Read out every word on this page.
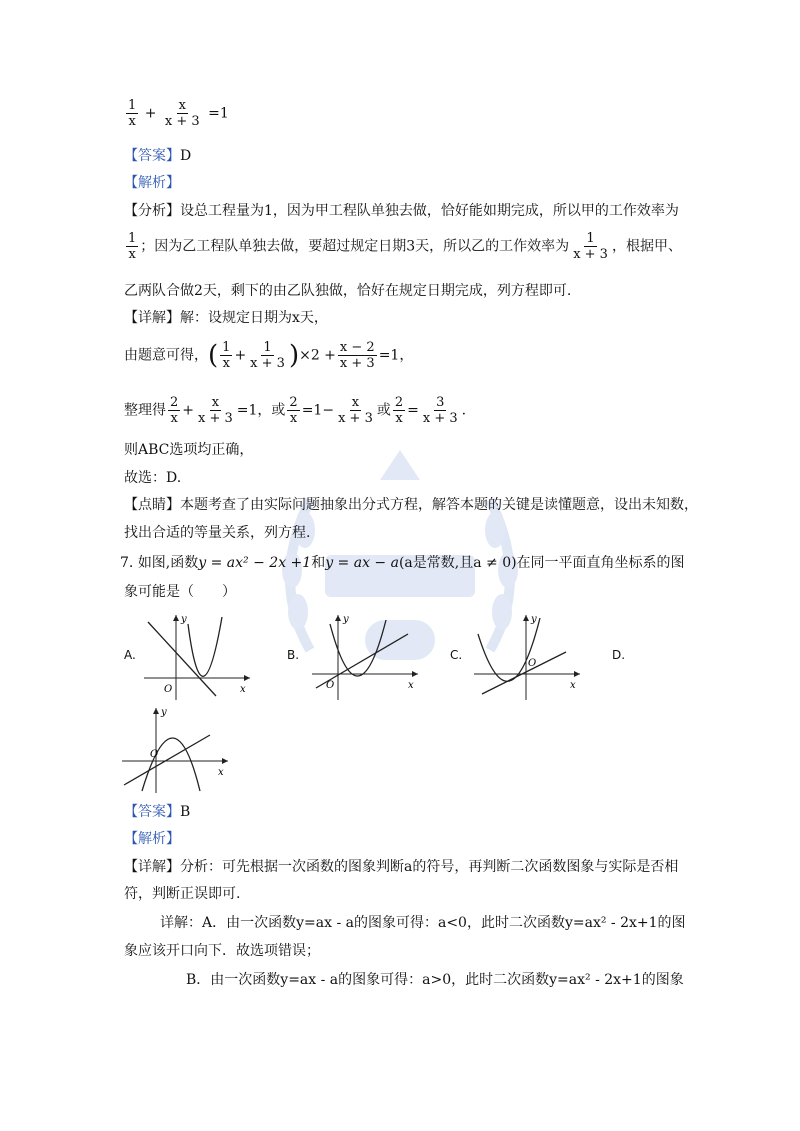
$\frac{1}{x} + \frac{x}{x + 3} =1$
【答案】D
【解析】
【分析】设总工程量为1，因为甲工程队单独去做，恰好能如期完成，所以甲的工作效率为
$\frac{1}{x}$ ；因为乙工程队单独去做，要超过规定日期3天，所以乙的工作效率为 $\frac{1}{x + 3}$ ，根据甲、
乙两队合做2天，剩下的由乙队独做，恰好在规定日期完成，列方程即可.
【详解】解：设规定日期为x天，
由题意可得，( $\frac{1}{x} + \frac{1}{x + 3} )\times 2 + \frac{x - 2}{x + 3} =1$，
整理得 $\frac{2}{x} + \frac{x}{x + 3} =1$，或 $\frac{2}{x} =1- \frac{x}{x + 3}$ 或 $\frac{2}{x} = \frac{3}{x + 3}$ .
则ABC选项均正确，
故选：D.
【点睛】本题考查了由实际问题抽象出分式方程，解答本题的关键是读懂题意，设出未知数，
找出合适的等量关系，列方程.
7. 如图,函数y = ax² − 2x +1和y = ax − a(a是常数,且a ≠ 0)在同一平面直角坐标系的图
象可能是（　　）
A.	B.	C.	D.
y
x
O
y
x
O
y
x
O
y
x
O
【答案】B
【解析】
【详解】分析：可先根据一次函数的图象判断a的符号，再判断二次函数图象与实际是否相
符，判断正误即可.
详解：A．由一次函数y=ax - a的图象可得：a<0，此时二次函数y=ax² - 2x+1的图
象应该开口向下．故选项错误；
B．由一次函数y=ax - a的图象可得：a>0，此时二次函数y=ax² - 2x+1的图象
